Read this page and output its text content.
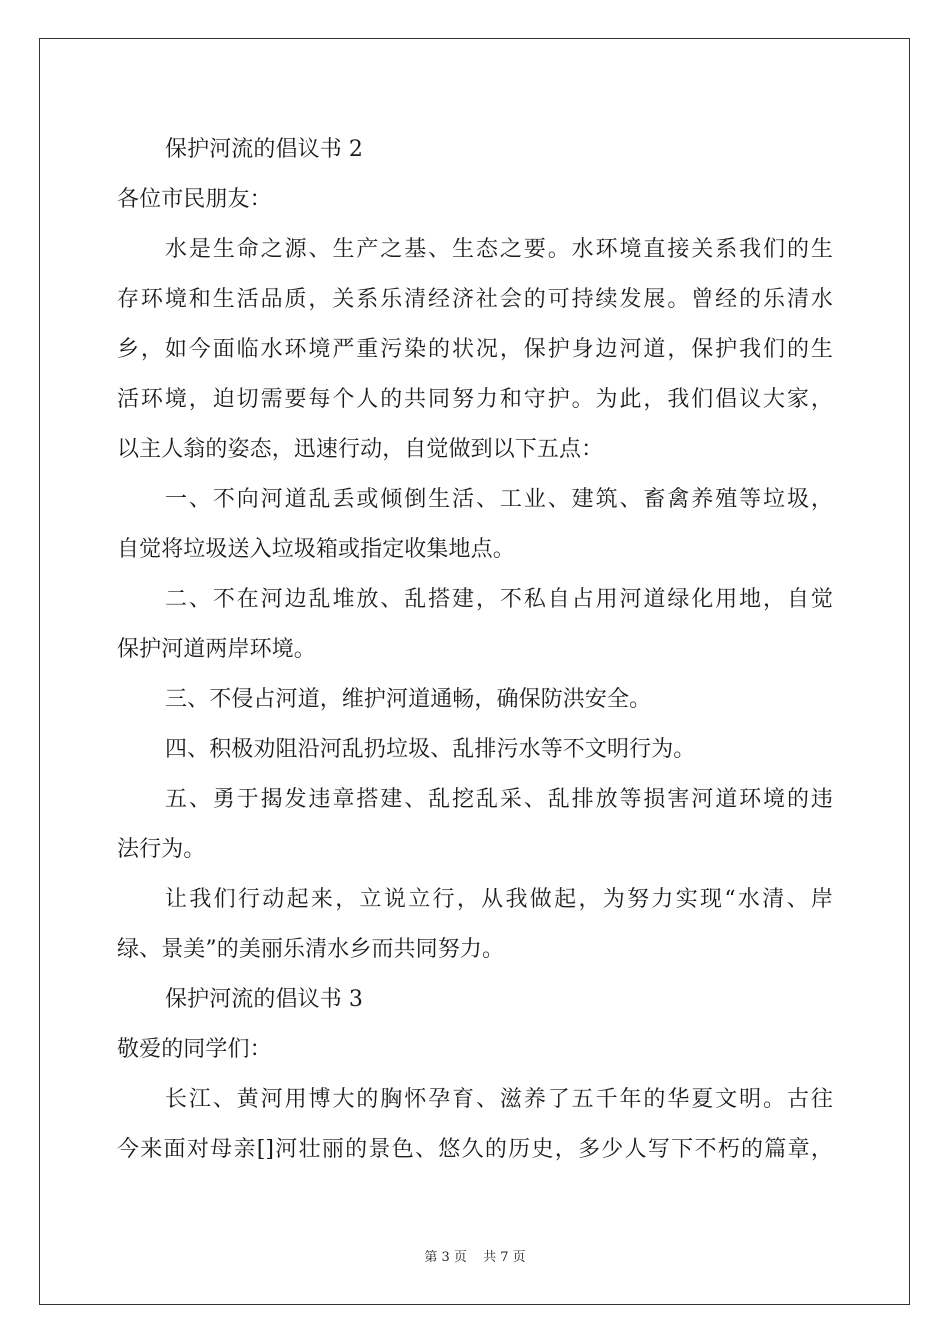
保护河流的倡议书 2
各位市民朋友：
水是生命之源、生产之基、生态之要。水环境直接关系我们的生
存环境和生活品质，关系乐清经济社会的可持续发展。曾经的乐清水
乡，如今面临水环境严重污染的状况，保护身边河道，保护我们的生
活环境，迫切需要每个人的共同努力和守护。为此，我们倡议大家，
以主人翁的姿态，迅速行动，自觉做到以下五点：
一、不向河道乱丢或倾倒生活、工业、建筑、畜禽养殖等垃圾，
自觉将垃圾送入垃圾箱或指定收集地点。
二、不在河边乱堆放、乱搭建，不私自占用河道绿化用地，自觉
保护河道两岸环境。
三、不侵占河道，维护河道通畅，确保防洪安全。
四、积极劝阻沿河乱扔垃圾、乱排污水等不文明行为。
五、勇于揭发违章搭建、乱挖乱采、乱排放等损害河道环境的违
法行为。
让我们行动起来，立说立行，从我做起，为努力实现“水清、岸
绿、景美”的美丽乐清水乡而共同努力。
保护河流的倡议书 3
敬爱的同学们：
长江、黄河用博大的胸怀孕育、滋养了五千年的华夏文明。古往
今来面对母亲[]河壮丽的景色、悠久的历史，多少人写下不朽的篇章，
第 3 页 共 7 页
